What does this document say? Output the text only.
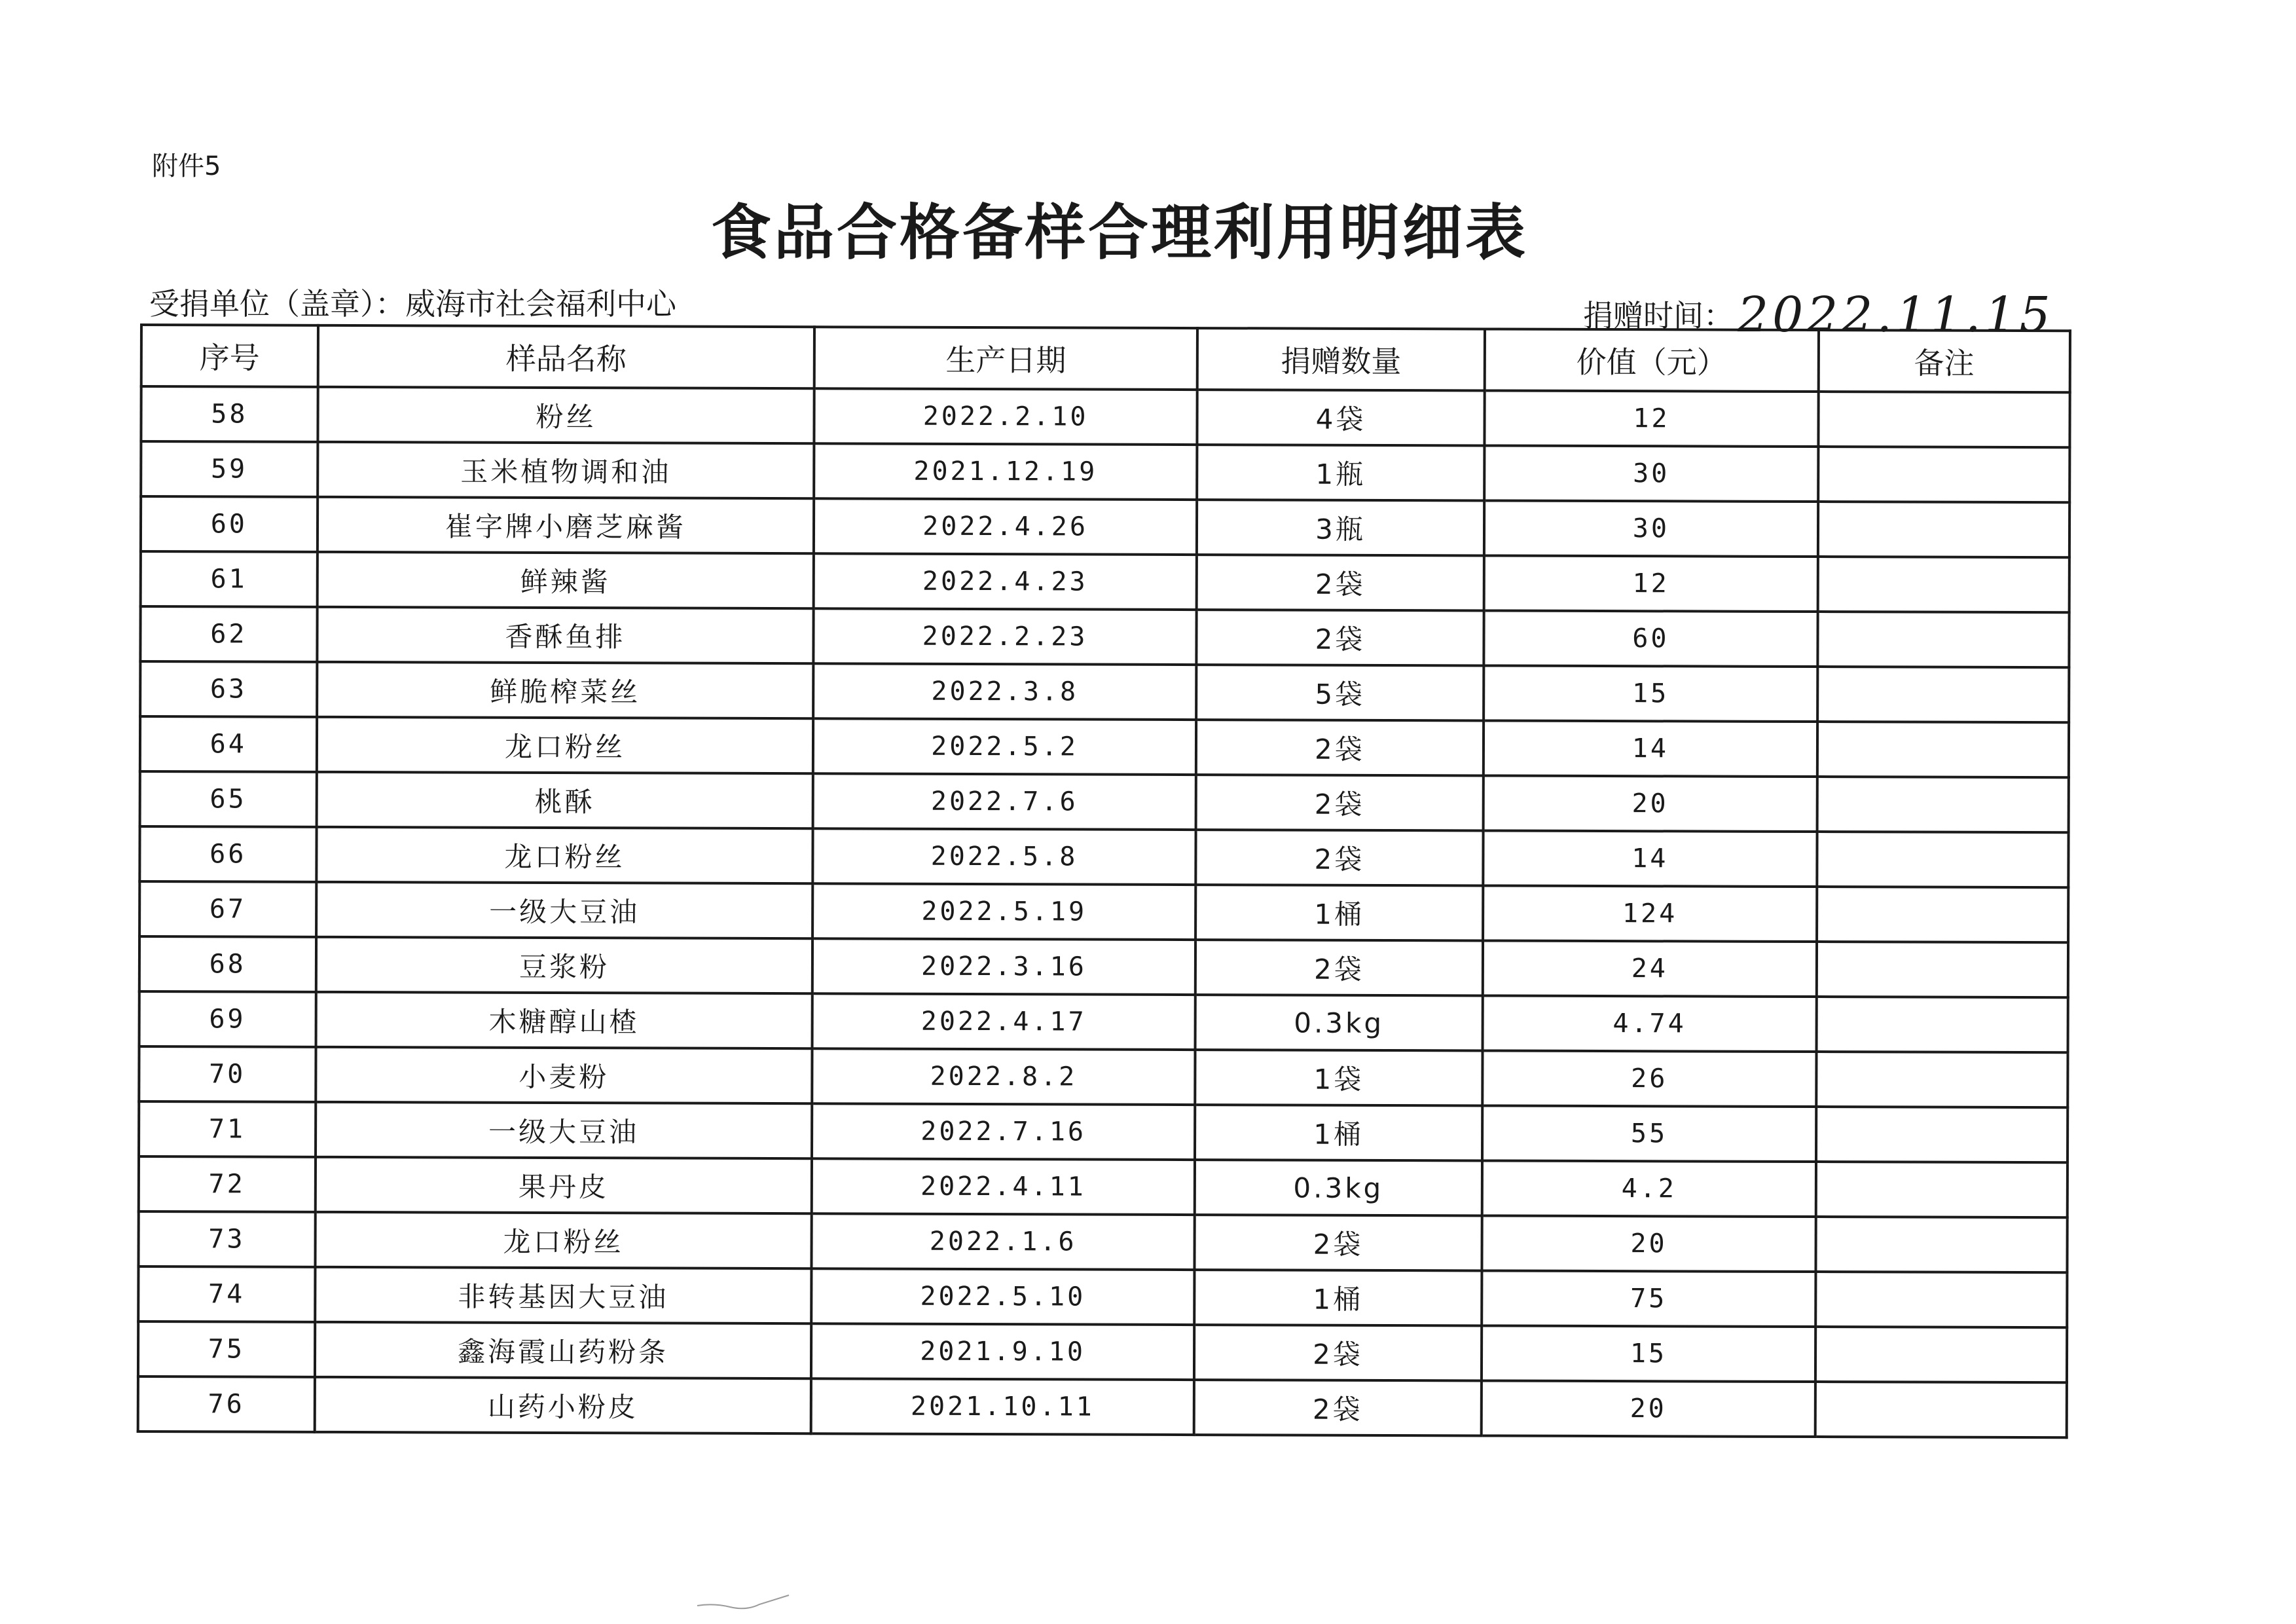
附件5
食品合格备样合理利用明细表
受捐单位（盖章）：威海市社会福利中心	捐赠时间：2022.11.15
序号	样品名称	生产日期	捐赠数量	价值（元）	备注
58	粉丝	2022.2.10	4袋	12	
59	玉米植物调和油	2021.12.19	1瓶	30	
60	崔字牌小磨芝麻酱	2022.4.26	3瓶	30	
61	鲜辣酱	2022.4.23	2袋	12	
62	香酥鱼排	2022.2.23	2袋	60	
63	鲜脆榨菜丝	2022.3.8	5袋	15	
64	龙口粉丝	2022.5.2	2袋	14	
65	桃酥	2022.7.6	2袋	20	
66	龙口粉丝	2022.5.8	2袋	14	
67	一级大豆油	2022.5.19	1桶	124	
68	豆浆粉	2022.3.16	2袋	24	
69	木糖醇山楂	2022.4.17	0.3kg	4.74	
70	小麦粉	2022.8.2	1袋	26	
71	一级大豆油	2022.7.16	1桶	55	
72	果丹皮	2022.4.11	0.3kg	4.2	
73	龙口粉丝	2022.1.6	2袋	20	
74	非转基因大豆油	2022.5.10	1桶	75	
75	鑫海霞山药粉条	2021.9.10	2袋	15	
76	山药小粉皮	2021.10.11	2袋	20	
